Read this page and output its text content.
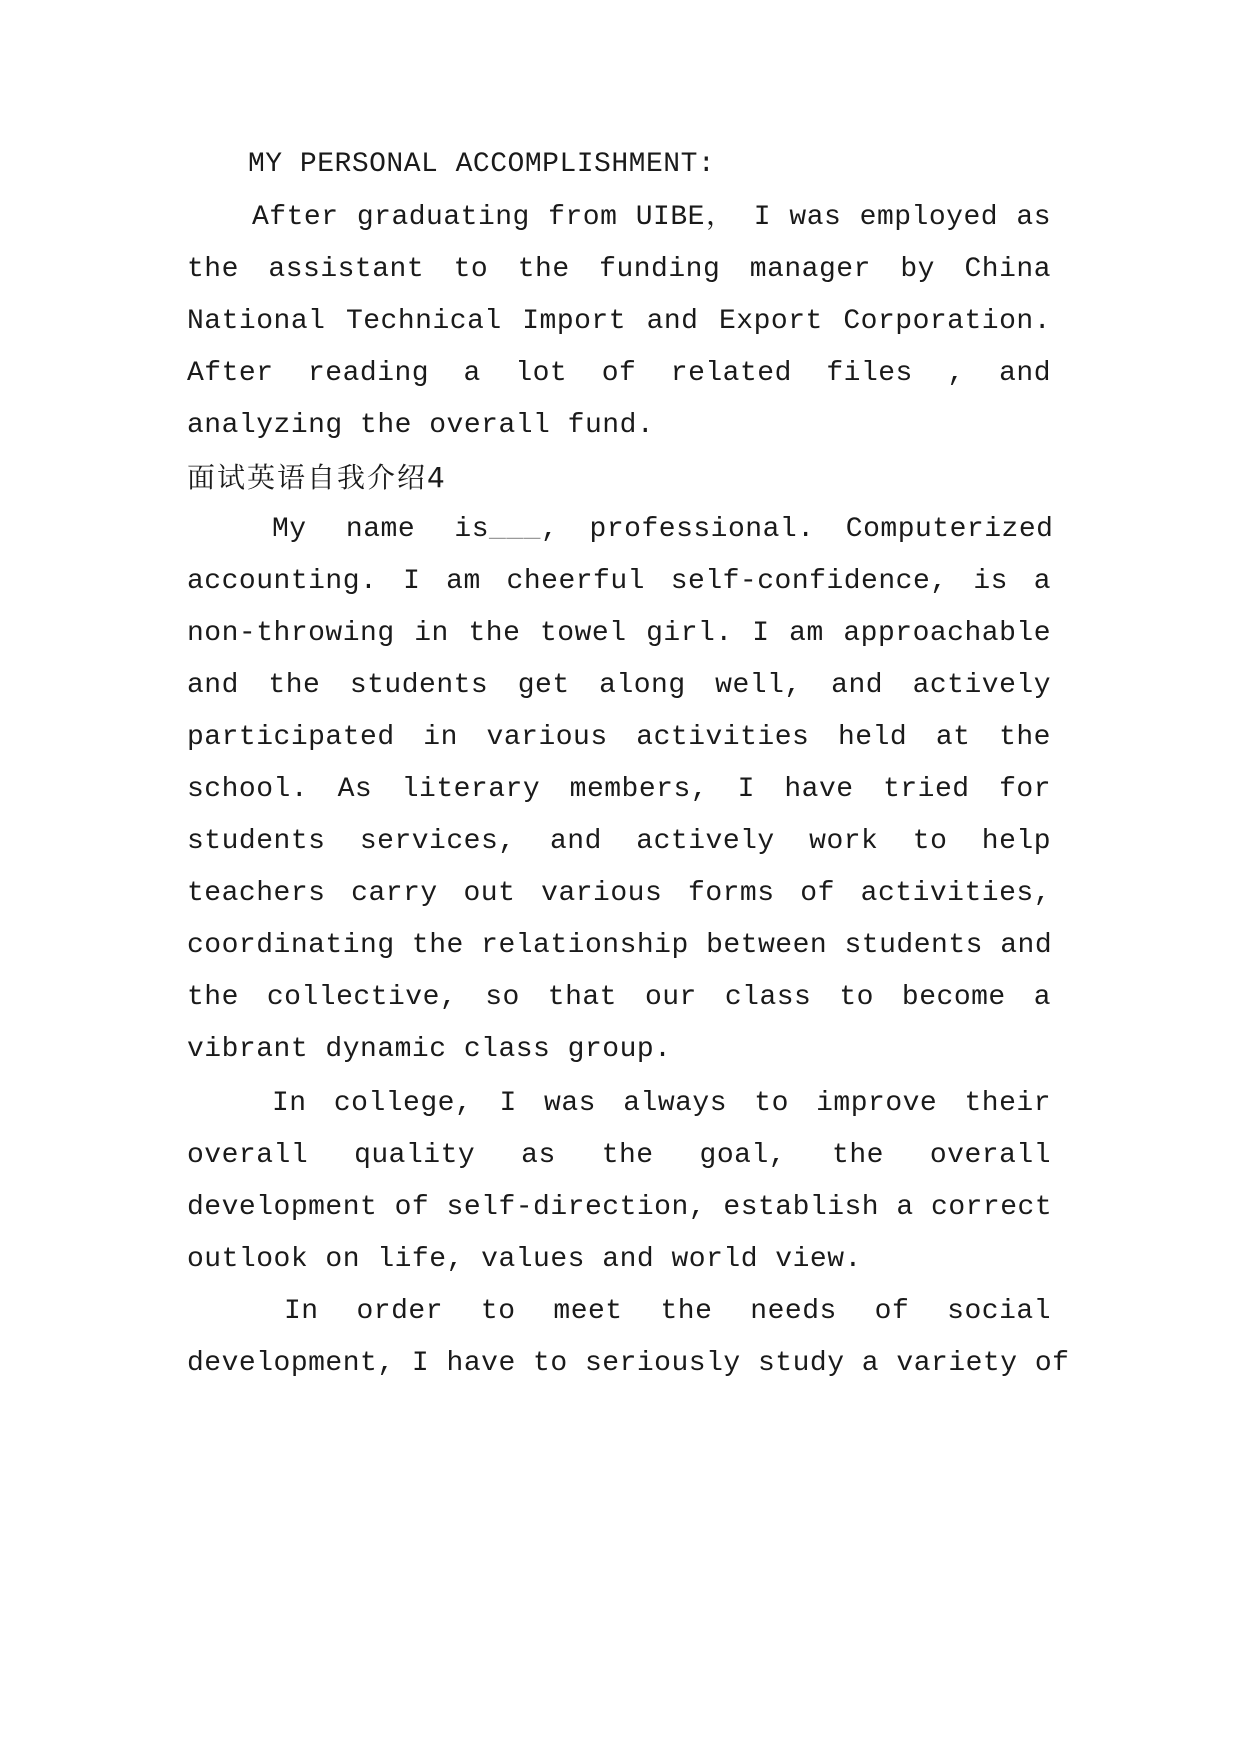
MY PERSONAL ACCOMPLISHMENT:
After graduating from UIBE， I was employed as
the assistant to the funding manager by China
National Technical Import and Export Corporation.
After reading a lot of related files , and
analyzing the overall fund.
面试英语自我介绍4
My name is ___ , professional. Computerized
accounting. I am cheerful self-confidence, is a
non-throwing in the towel girl. I am approachable
and the students get along well, and actively
participated in various activities held at the
school. As literary members, I have tried for
students services, and actively work to help
teachers carry out various forms of activities,
coordinating the relationship between students and
the collective, so that our class to become a
vibrant dynamic class group.
In college, I was always to improve their
overall quality as the goal, the overall
development of self-direction, establish a correct
outlook on life, values and world view.
In order to meet the needs of social
development, I have to seriously study a variety of
